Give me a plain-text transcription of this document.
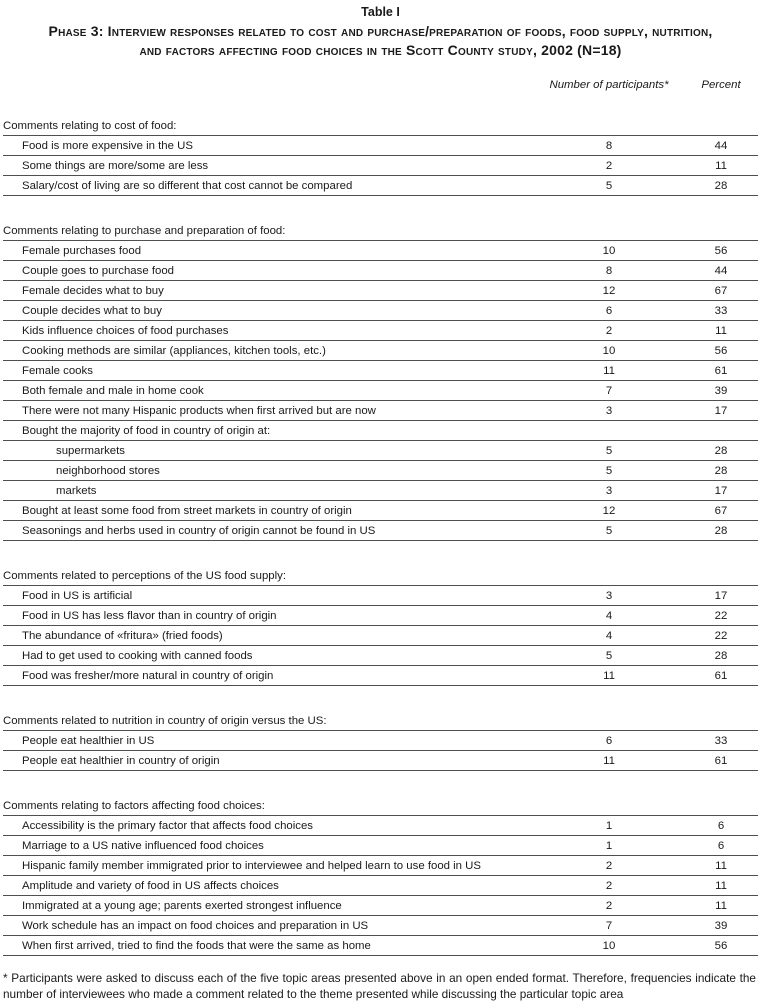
Table I
Phase 3: Interview responses related to cost and purchase/preparation of foods, food supply, nutrition, and factors affecting food choices in the Scott County study, 2002 (N=18)
Number of participants*	Percent
Comments relating to cost of food:
Food is more expensive in the US	8	44
Some things are more/some are less	2	11
Salary/cost of living are so different that cost cannot be compared	5	28
Comments relating to purchase and preparation of food:
Female purchases food	10	56
Couple goes to purchase food	8	44
Female decides what to buy	12	67
Couple decides what to buy	6	33
Kids influence choices of food purchases	2	11
Cooking methods are similar (appliances, kitchen tools, etc.)	10	56
Female cooks	11	61
Both female and male in home cook	7	39
There were not many Hispanic products when first arrived but are now	3	17
Bought the majority of food in country of origin at:
supermarkets	5	28
neighborhood stores	5	28
markets	3	17
Bought at least some food from street markets in country of origin	12	67
Seasonings and herbs used in country of origin cannot be found in US	5	28
Comments related to perceptions of the US food supply:
Food in US is artificial	3	17
Food in US has less flavor than in country of origin	4	22
The abundance of «fritura» (fried foods)	4	22
Had to get used to cooking with canned foods	5	28
Food was fresher/more natural in country of origin	11	61
Comments related to nutrition in country of origin versus the US:
People eat healthier in US	6	33
People eat healthier in country of origin	11	61
Comments relating to factors affecting food choices:
Accessibility is the primary factor that affects food choices	1	6
Marriage to a US native influenced food choices	1	6
Hispanic family member immigrated prior to interviewee and helped learn to use food in US	2	11
Amplitude and variety of food in US affects choices	2	11
Immigrated at a young age; parents exerted strongest influence	2	11
Work schedule has an impact on food choices and preparation in US	7	39
When first arrived, tried to find the foods that were the same as home	10	56
* Participants were asked to discuss each of the five topic areas presented above in an open ended format. Therefore, frequencies indicate the number of interviewees who made a comment related to the theme presented while discussing the particular topic area
